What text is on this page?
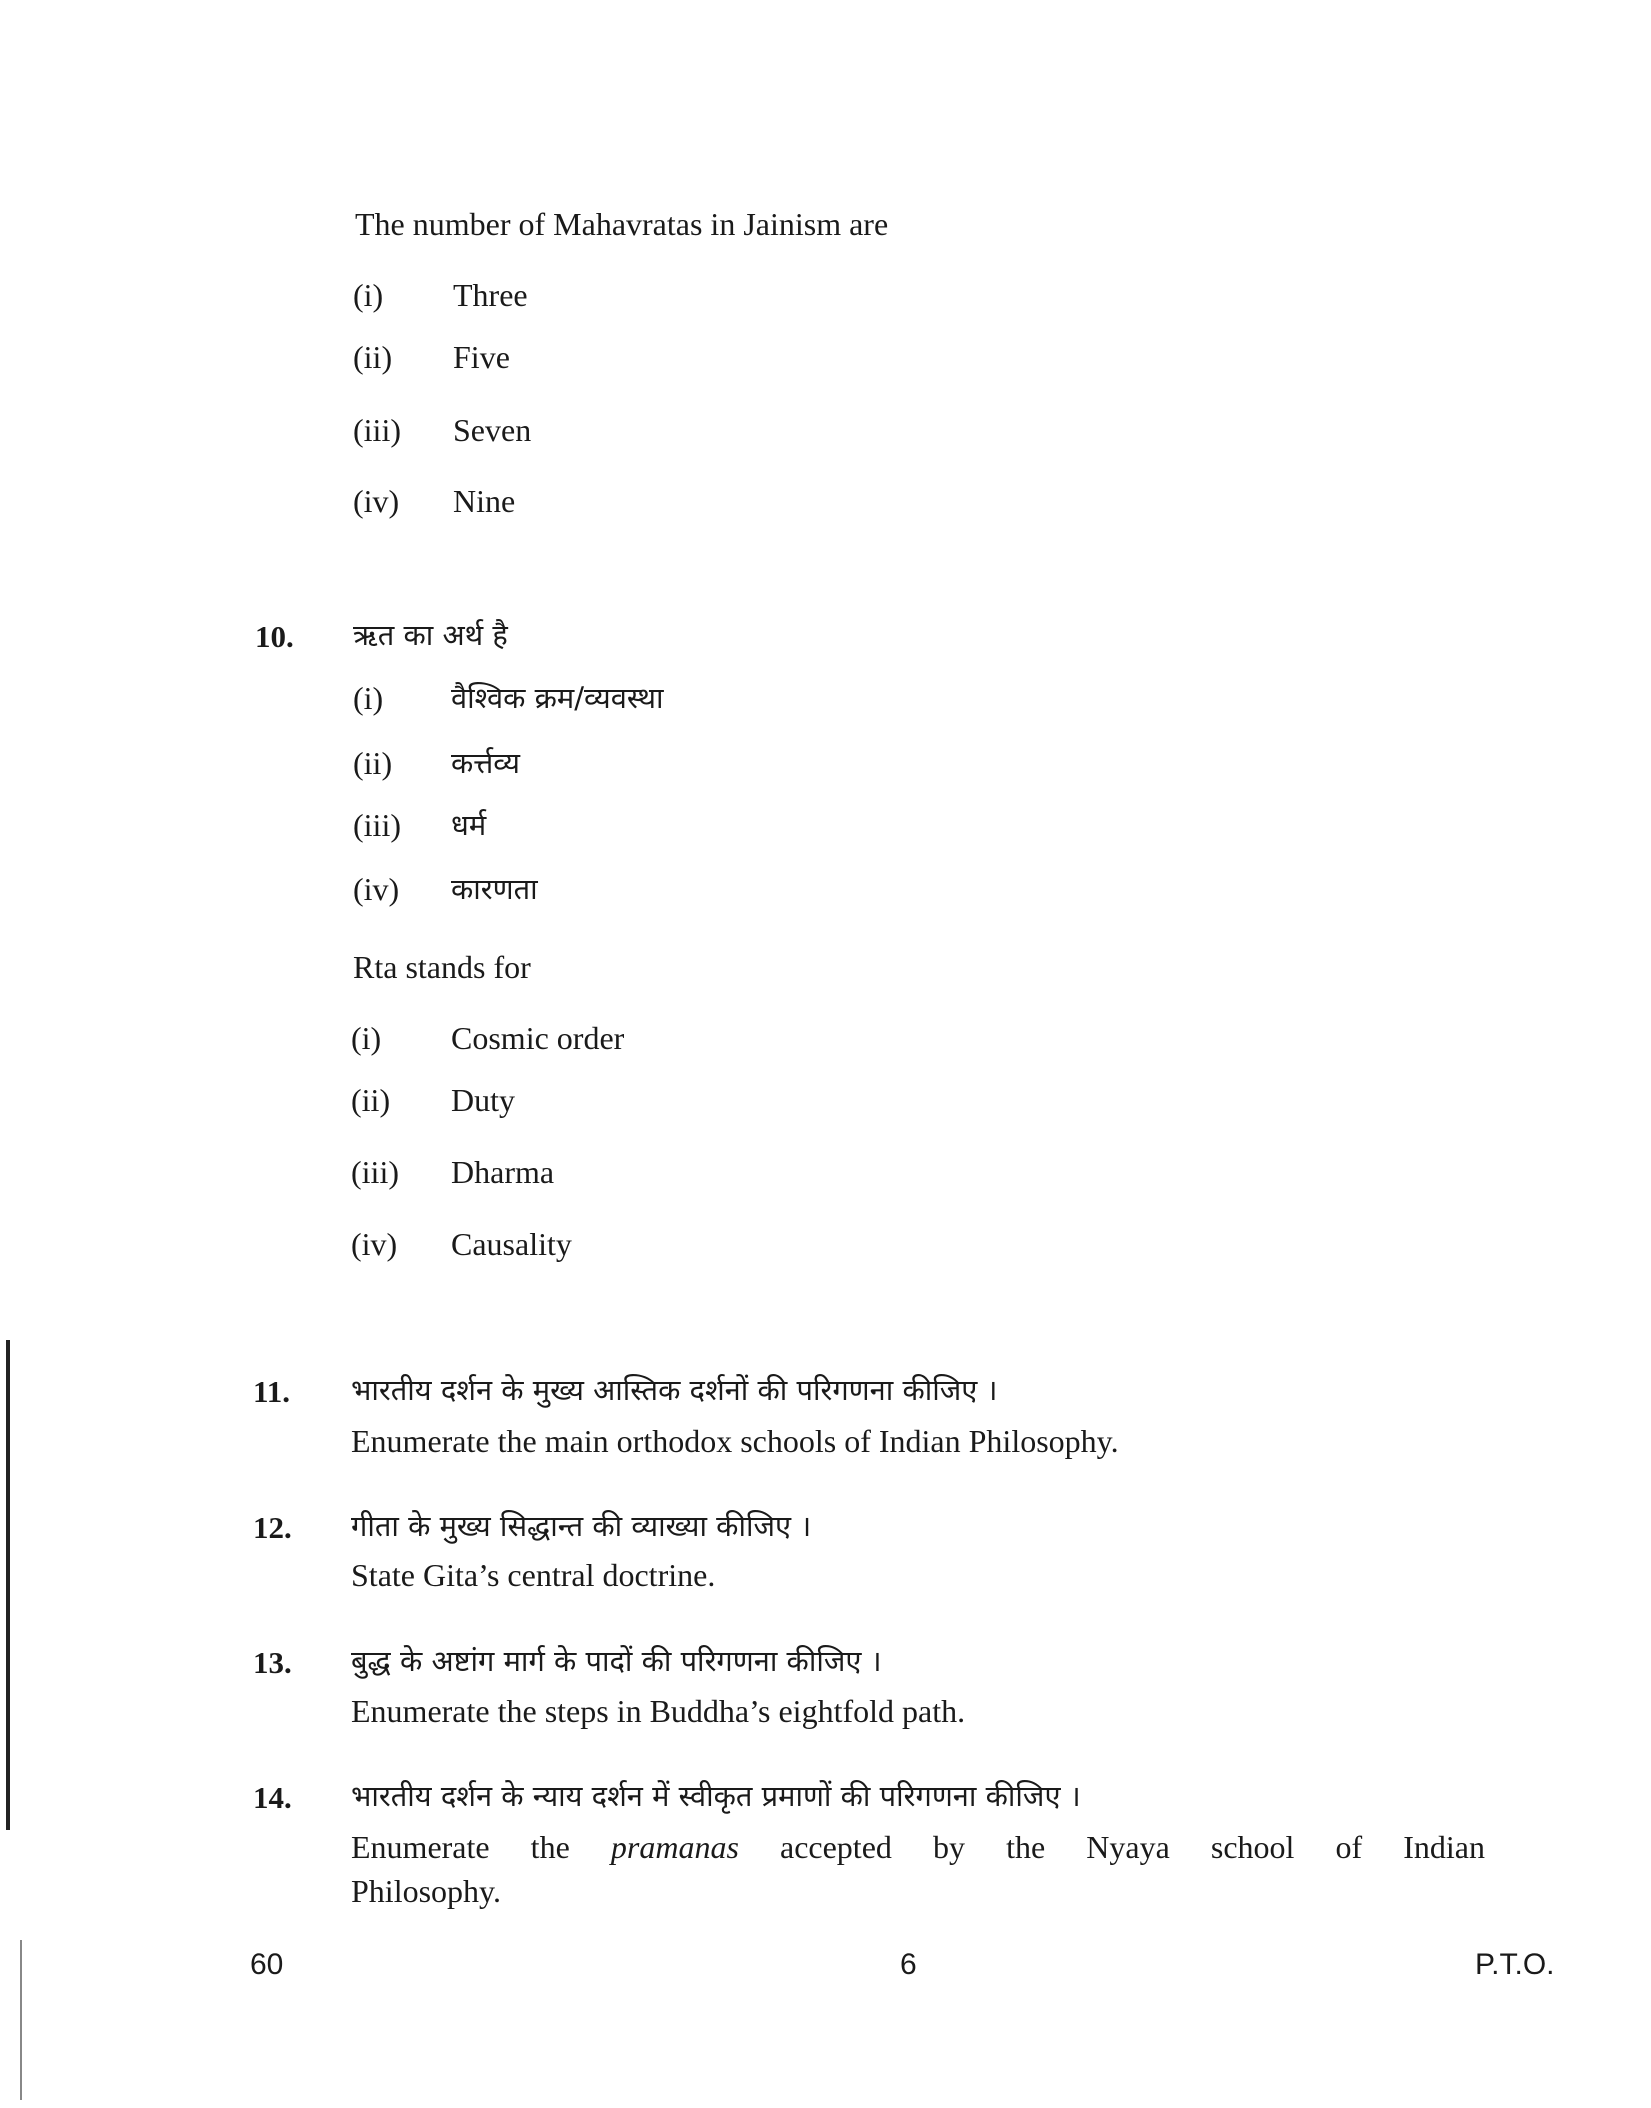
The number of Mahavratas in Jainism are
(i) Three
(ii) Five
(iii) Seven
(iv) Nine
10. ऋत का अर्थ है
(i) वैश्विक क्रम/व्यवस्था
(ii) कर्त्तव्य
(iii) धर्म
(iv) कारणता
Rta stands for
(i) Cosmic order
(ii) Duty
(iii) Dharma
(iv) Causality
11. भारतीय दर्शन के मुख्य आस्तिक दर्शनों की परिगणना कीजिए ।
Enumerate the main orthodox schools of Indian Philosophy.
12. गीता के मुख्य सिद्धान्त की व्याख्या कीजिए ।
State Gita’s central doctrine.
13. बुद्ध के अष्टांग मार्ग के पादों की परिगणना कीजिए ।
Enumerate the steps in Buddha’s eightfold path.
14. भारतीय दर्शन के न्याय दर्शन में स्वीकृत प्रमाणों की परिगणना कीजिए ।
Enumerate the pramanas accepted by the Nyaya school of Indian
Philosophy.
60	6	P.T.O.
